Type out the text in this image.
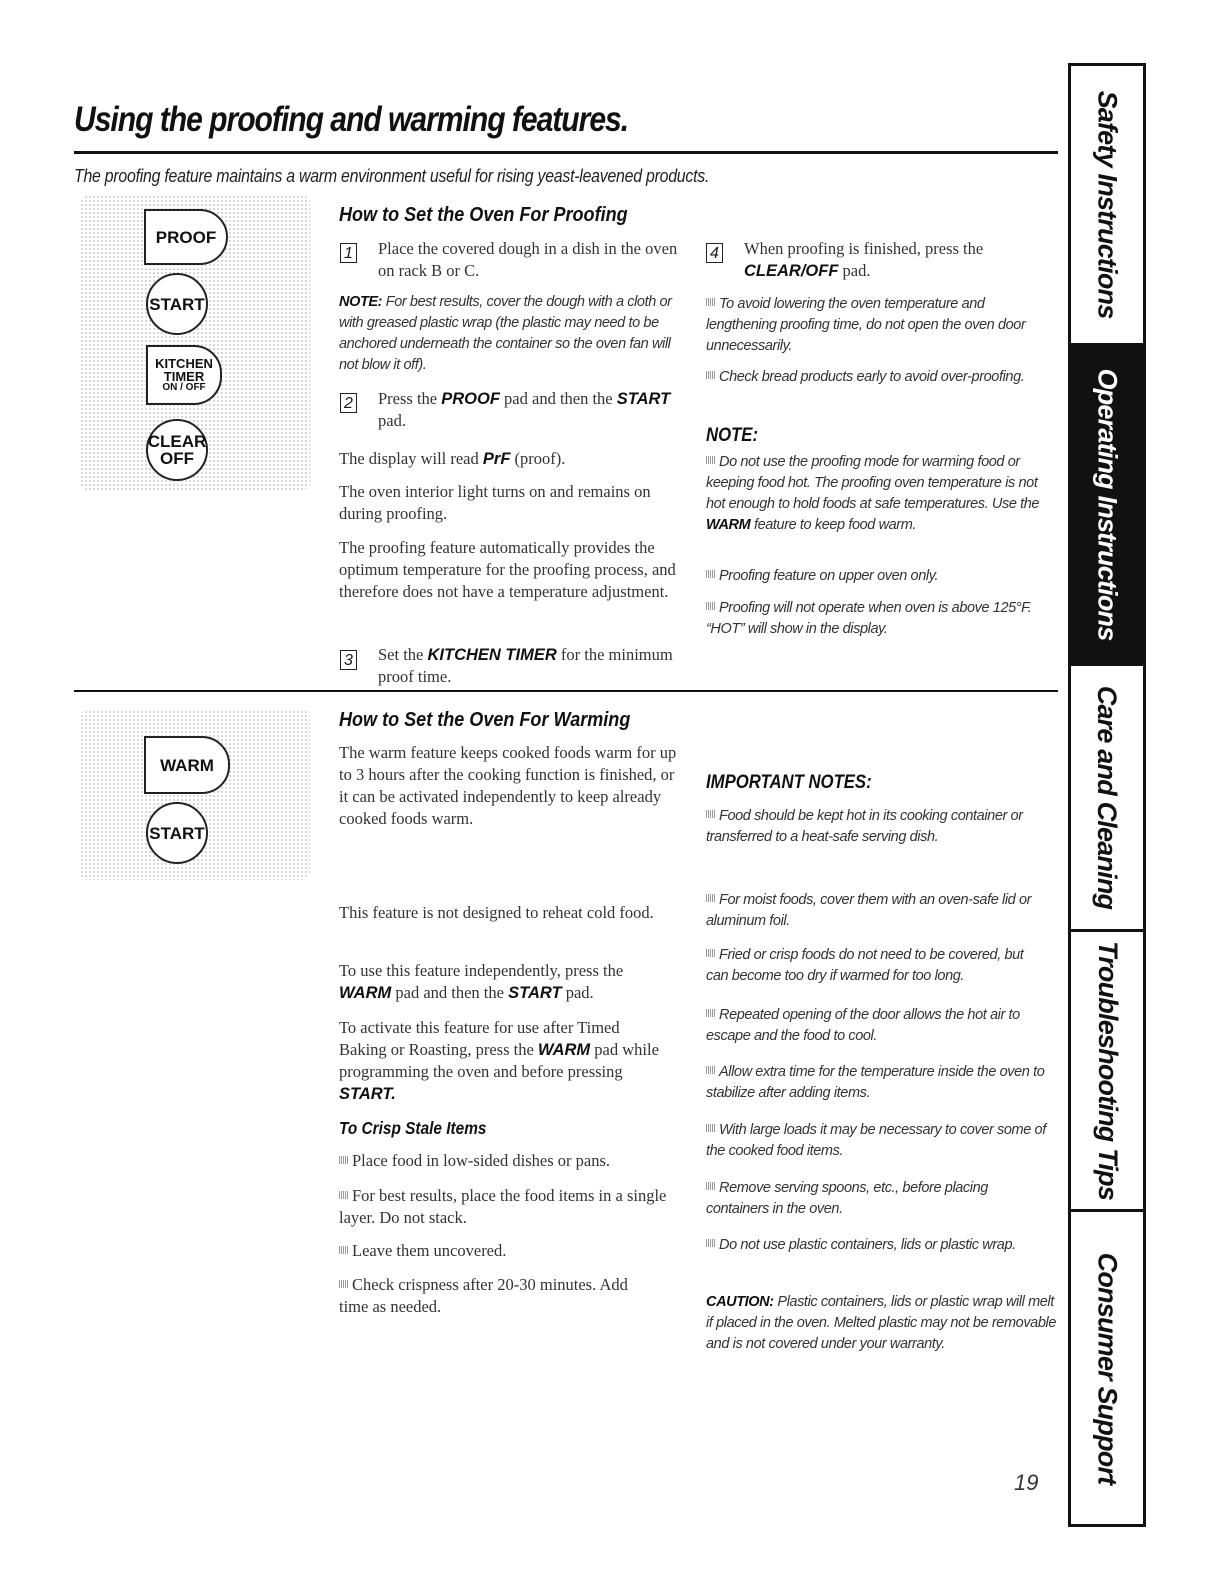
Using the proofing and warming features.
The proofing feature maintains a warm environment useful for rising yeast-leavened products.	Safety Instructions
Operating Instructions
Care and Cleaning
Troubleshooting Tips
Consumer Support
PROOF
START
KITCHEN
TIMER
ON / OFF
CLEAR
OFF
How to Set the Oven For Proofing
1 Place the covered dough in a dish in the oven on rack B or C.
NOTE: For best results, cover the dough with a cloth or with greased plastic wrap (the plastic may need to be anchored underneath the container so the oven fan will not blow it off).
2 Press the PROOF pad and then the START pad.
The display will read PrF (proof).
The oven interior light turns on and remains on during proofing.
The proofing feature automatically provides the optimum temperature for the proofing process, and therefore does not have a temperature adjustment.
3 Set the KITCHEN TIMER for the minimum proof time.
4 When proofing is finished, press the CLEAR/OFF pad.
To avoid lowering the oven temperature and lengthening proofing time, do not open the oven door unnecessarily.
Check bread products early to avoid over-proofing.
NOTE:
Do not use the proofing mode for warming food or keeping food hot. The proofing oven temperature is not hot enough to hold foods at safe temperatures. Use the WARM feature to keep food warm.
Proofing feature on upper oven only.
Proofing will not operate when oven is above 125°F. “HOT” will show in the display.
WARM
START
How to Set the Oven For Warming
The warm feature keeps cooked foods warm for up to 3 hours after the cooking function is finished, or it can be activated independently to keep already cooked foods warm.
This feature is not designed to reheat cold food.
To use this feature independently, press the WARM pad and then the START pad.
To activate this feature for use after Timed Baking or Roasting, press the WARM pad while programming the oven and before pressing START.
To Crisp Stale Items
Place food in low-sided dishes or pans.
For best results, place the food items in a single layer. Do not stack.
Leave them uncovered.
Check crispness after 20-30 minutes. Add time as needed.
IMPORTANT NOTES:
Food should be kept hot in its cooking container or transferred to a heat-safe serving dish.
For moist foods, cover them with an oven-safe lid or aluminum foil.
Fried or crisp foods do not need to be covered, but can become too dry if warmed for too long.
Repeated opening of the door allows the hot air to escape and the food to cool.
Allow extra time for the temperature inside the oven to stabilize after adding items.
With large loads it may be necessary to cover some of the cooked food items.
Remove serving spoons, etc., before placing containers in the oven.
Do not use plastic containers, lids or plastic wrap.
CAUTION: Plastic containers, lids or plastic wrap will melt if placed in the oven. Melted plastic may not be removable and is not covered under your warranty.
19
